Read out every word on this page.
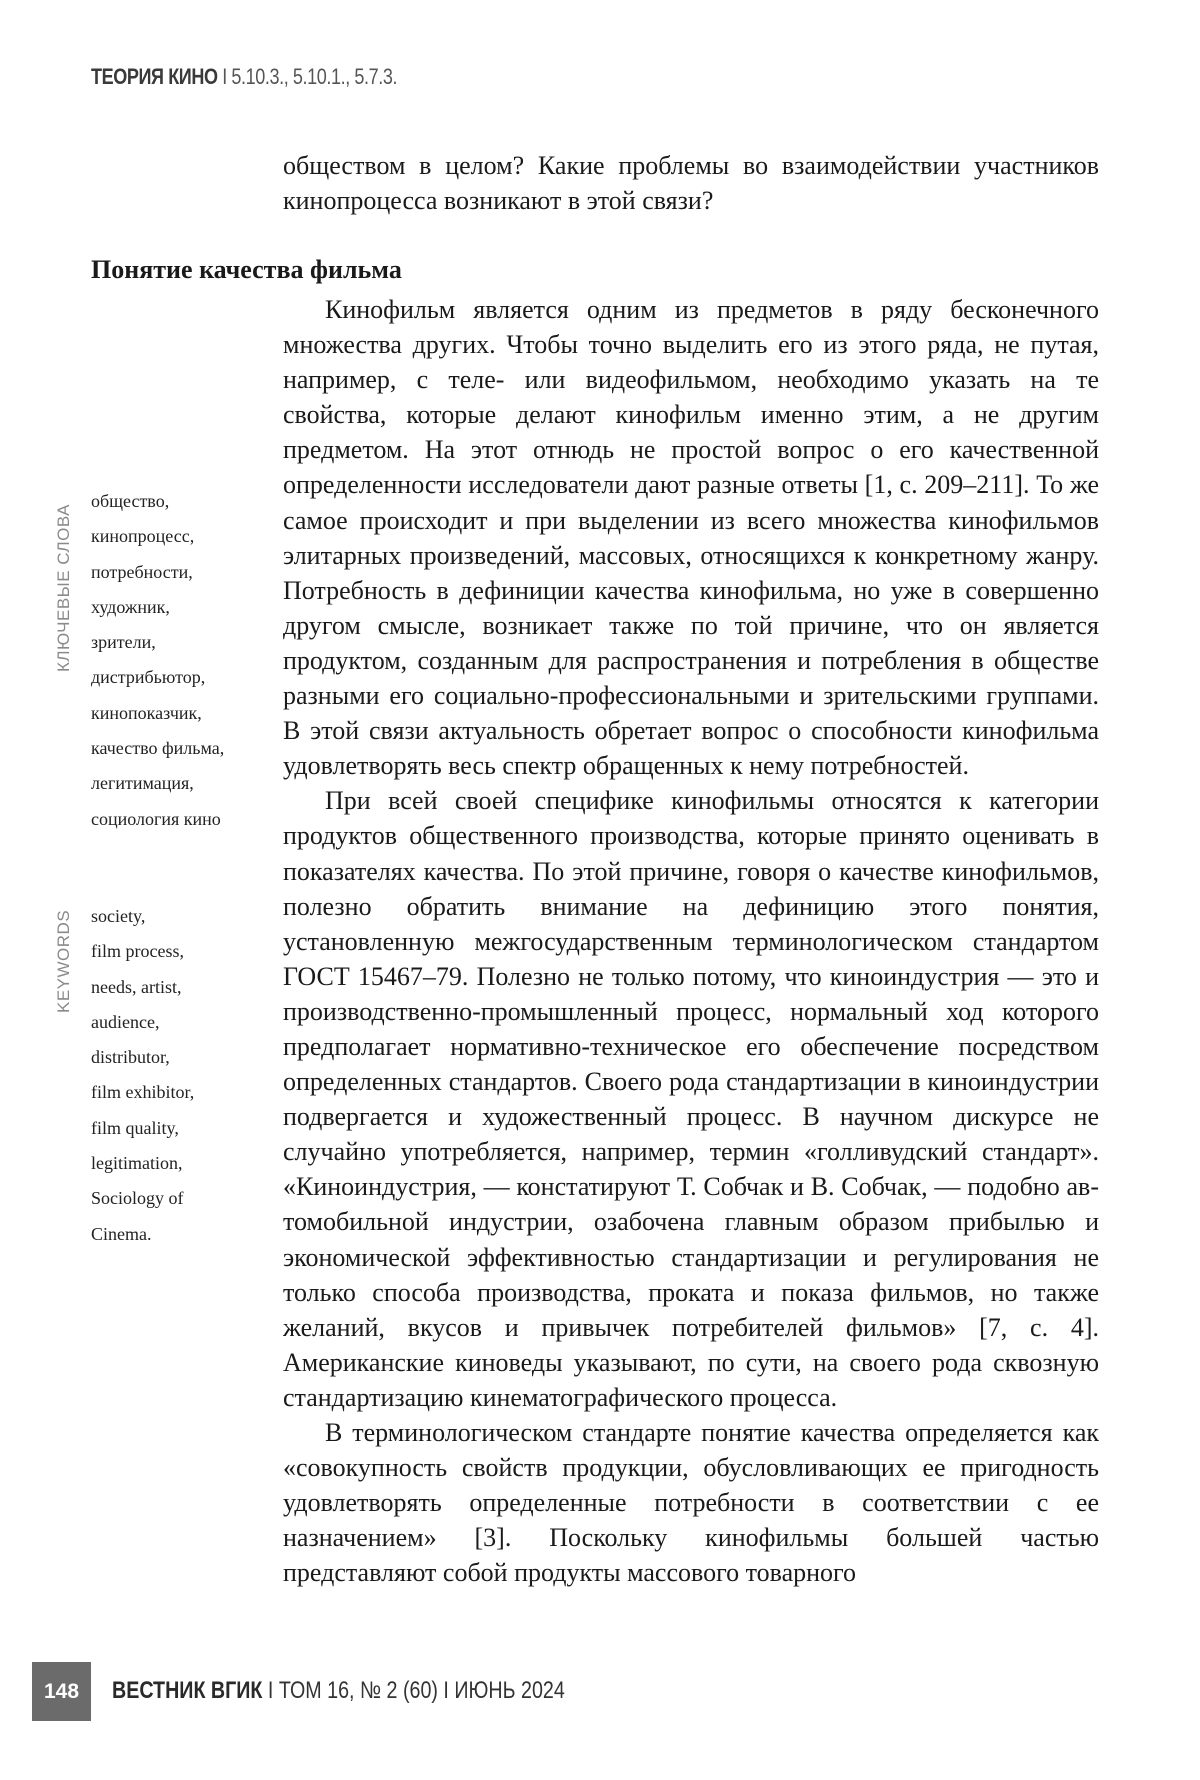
ТЕОРИЯ КИНО I 5.10.3., 5.10.1., 5.7.3.

обществом в целом? Какие проблемы во взаимодействии участников кинопроцесса возникают в этой связи?

Понятие качества фильма

Кинофильм является одним из предметов в ряду бесконечного множества других. Чтобы точно выделить его из этого ряда, не путая, например, с теле- или видеофильмом, необходимо указать на те свойства, которые делают кинофильм именно этим, а не другим предметом. На этот отнюдь не простой вопрос о его качественной определенности исследователи дают разные ответы [1, с. 209–211]. То же самое происходит и при выделении из всего множества кинофильмов элитарных произведений, массовых, относящихся к конкретному жанру. Потребность в дефиниции качества кинофильма, но уже в совершенно другом смысле, возникает также по той причине, что он является продуктом, созданным для распространения и потребления в обществе разными его социально-профессиональными и зрительскими группами. В этой связи актуальность обретает вопрос о способности кинофильма удовлетворять весь спектр обращенных к нему потребностей.

При всей своей специфике кинофильмы относятся к категории продуктов общественного производства, которые принято оценивать в показателях качества. По этой причине, говоря о качестве кинофильмов, полезно обратить внимание на дефиницию этого понятия, установленную межгосударственным терминологическом стандартом ГОСТ 15467–79. Полезно не только потому, что киноиндустрия — это и производственно-промышленный процесс, нормальный ход которого предполагает нормативно-техническое его обеспечение посредством определенных стандартов. Своего рода стандартизации в киноиндустрии подвергается и художественный процесс. В научном дискурсе не случайно употребляется, например, термин «голливудский стандарт». «Киноиндустрия, — констатируют Т. Собчак и В. Собчак, — подобно автомобильной индустрии, озабочена главным образом прибылью и экономической эффективностью стандартизации и регулирования не только способа производства, проката и показа фильмов, но также желаний, вкусов и привычек потребителей фильмов» [7, с. 4]. Американские киноведы указывают, по сути, на своего рода сквозную стандартизацию кинематографического процесса.

В терминологическом стандарте понятие качества определяется как «совокупность свойств продукции, обусловливающих ее пригодность удовлетворять определенные потребности в соответствии с ее назначением» [3]. Поскольку кинофильмы большей частью представляют собой продукты массового товарного

КЛЮЧЕВЫЕ СЛОВА
общество,
кинопроцесс,
потребности,
художник,
зрители,
дистрибьютор,
кинопоказчик,
качество фильма,
легитимация,
социология кино
KEYWORDS society,
film process,
needs, artist,
audience,
distributor,
film exhibitor,
film quality,
legitimation,
Sociology of
Cinema.
148	ВЕСТНИК ВГИК I ТОМ 16, № 2 (60) I ИЮНЬ 2024
